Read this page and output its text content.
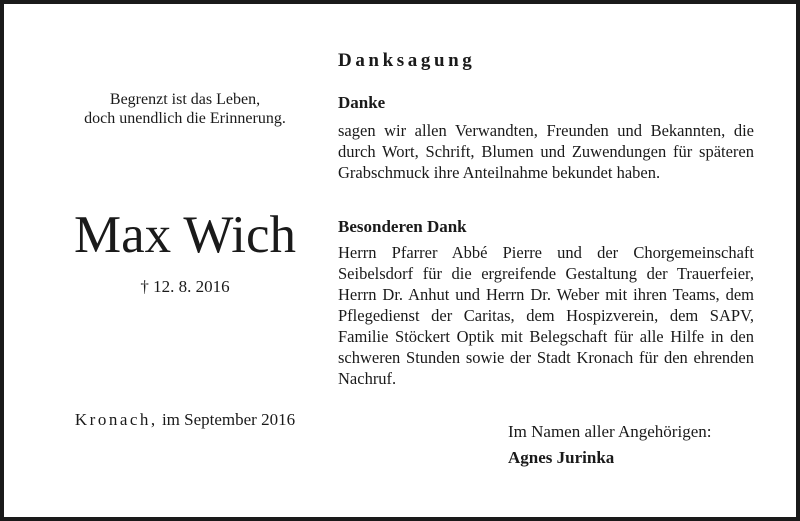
Begrenzt ist das Leben,
doch unendlich die Erinnerung.
Max Wich
† 12. 8. 2016
Kronach, im September 2016
Danksagung
Danke

sagen wir allen Verwandten, Freunden und Bekannten, die durch Wort, Schrift, Blumen und Zuwendungen für späteren Grabschmuck ihre Anteilnahme bekundet haben.

Besonderen Dank

Herrn Pfarrer Abbé Pierre und der Chorgemeinschaft Seibelsdorf für die ergreifende Gestaltung der Trauerfeier, Herrn Dr. Anhut und Herrn Dr. Weber mit ihren Teams, dem Pflegedienst der Caritas, dem Hospizverein, dem SAPV, Familie Stöckert Optik mit Belegschaft für alle Hilfe in den schweren Stunden sowie der Stadt Kronach für den ehrenden Nachruf.

Im Namen aller Angehörigen:
Agnes Jurinka
